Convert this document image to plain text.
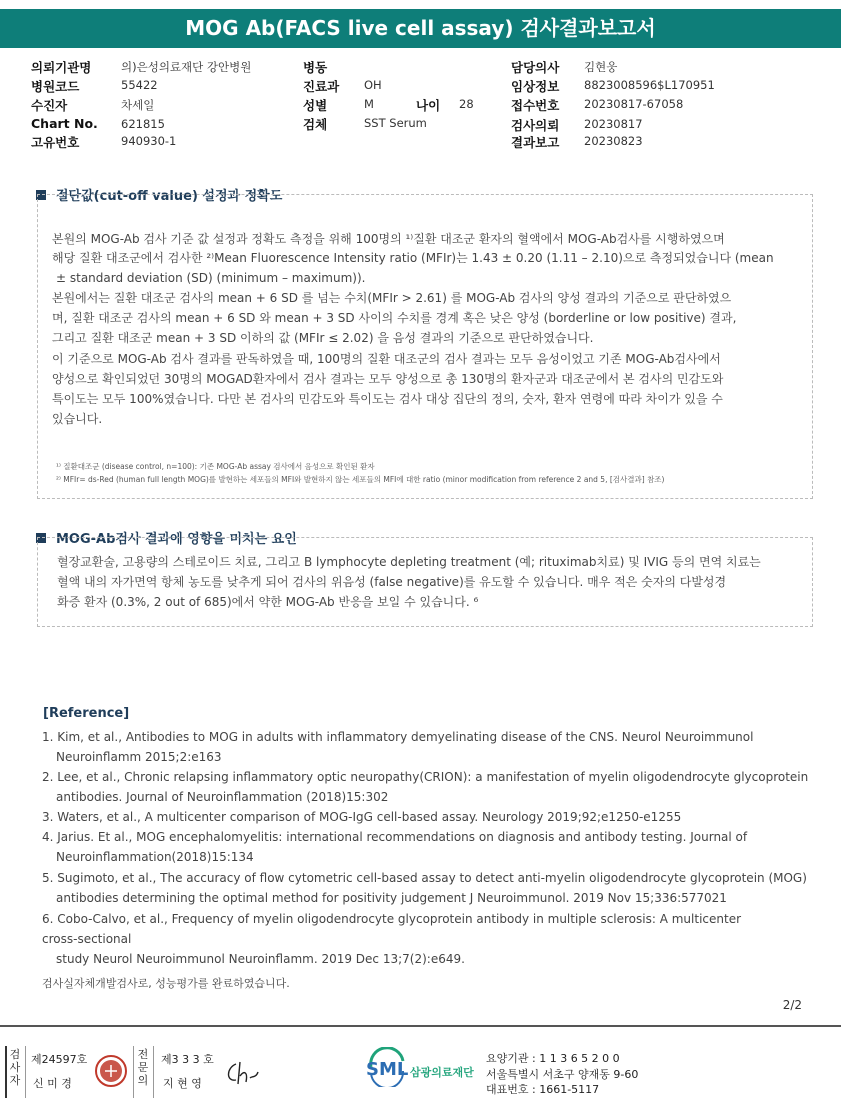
MOG Ab(FACS live cell assay) 검사결과보고서
의뢰기관명	의)은성의료재단 강안병원
병원코드	55422
수진자	차세일
Chart No. 621815
고유번호	940930-1
병동
진료과 OH
성별	M	나이 28
검체	SST Serum
담당의사 김현웅
임상정보 8823008596$L170951
접수번호 20230817-67058
검사의뢰 20230817
결과보고 20230823
절단값(cut-off value) 설정과 정확도
본원의 MOG-Ab 검사 기준 값 설정과 정확도 측정을 위해 100명의 ¹⁾질환 대조군 환자의 혈액에서 MOG-Ab검사를 시행하였으며
해당 질환 대조군에서 검사한 ²⁾Mean Fluorescence Intensity ratio (MFIr)는 1.43 ± 0.20 (1.11 – 2.10)으로 측정되었습니다 (mean
± standard deviation (SD) (minimum – maximum)).
본원에서는 질환 대조군 검사의 mean + 6 SD 를 넘는 수치(MFIr > 2.61) 를 MOG-Ab 검사의 양성 결과의 기준으로 판단하였으
며, 질환 대조군 검사의 mean + 6 SD 와 mean + 3 SD 사이의 수치를 경계 혹은 낮은 양성 (borderline or low positive) 결과,
그리고 질환 대조군 mean + 3 SD 이하의 값 (MFIr ≤ 2.02) 을 음성 결과의 기준으로 판단하였습니다.
이 기준으로 MOG-Ab 검사 결과를 판독하였을 때, 100명의 질환 대조군의 검사 결과는 모두 음성이었고 기존 MOG-Ab검사에서
양성으로 확인되었던 30명의 MOGAD환자에서 검사 결과는 모두 양성으로 총 130명의 환자군과 대조군에서 본 검사의 민감도와
특이도는 모두 100%였습니다. 다만 본 검사의 민감도와 특이도는 검사 대상 집단의 정의, 숫자, 환자 연령에 따라 차이가 있을 수
있습니다.
¹⁾ 질환대조군 (disease control, n=100): 기존 MOG-Ab assay 검사에서 음성으로 확인된 환자
²⁾ MFIr= ds-Red (human full length MOG)를 발현하는 세포들의 MFI와 발현하지 않는 세포들의 MFI에 대한 ratio (minor modification from reference 2 and 5, [검사결과] 참조)
MOG-Ab검사 결과에 영향을 미치는 요인
혈장교환술, 고용량의 스테로이드 치료, 그리고 B lymphocyte depleting treatment (예; rituximab치료) 및 IVIG 등의 면역 치료는
혈액 내의 자가면역 항체 농도를 낮추게 되어 검사의 위음성 (false negative)를 유도할 수 있습니다. 매우 적은 숫자의 다발성경
화증 환자 (0.3%, 2 out of 685)에서 약한 MOG-Ab 반응을 보일 수 있습니다. ⁶
[Reference]
1. Kim, et al., Antibodies to MOG in adults with inflammatory demyelinating disease of the CNS. Neurol Neuroimmunol
Neuroinflamm 2015;2:e163
2. Lee, et al., Chronic relapsing inflammatory optic neuropathy(CRION): a manifestation of myelin oligodendrocyte glycoprotein
antibodies. Journal of Neuroinflammation (2018)15:302
3. Waters, et al., A multicenter comparison of MOG-IgG cell-based assay. Neurology 2019;92;e1250-e1255
4. Jarius. Et al., MOG encephalomyelitis: international recommendations on diagnosis and antibody testing. Journal of
Neuroinflammation(2018)15:134
5. Sugimoto, et al., The accuracy of flow cytometric cell-based assay to detect anti-myelin oligodendrocyte glycoprotein (MOG)
antibodies determining the optimal method for positivity judgement J Neuroimmunol. 2019 Nov 15;336:577021
6. Cobo-Calvo, et al., Frequency of myelin oligodendrocyte glycoprotein antibody in multiple sclerosis: A multicenter
cross-sectional
study Neurol Neuroimmunol Neuroinflamm. 2019 Dec 13;7(2):e649.
검사실자체개발검사로, 성능평가를 완료하였습니다.
2/2
검
사
자
제24597호
신 미 경
전
문
의
제3 3 3 호
지 현 영
SML 삼광의료재단
요양기관 : 1 1 3 6 5 2 0 0
서울특별시 서초구 양재동 9-60
대표번호 : 1661-5117
